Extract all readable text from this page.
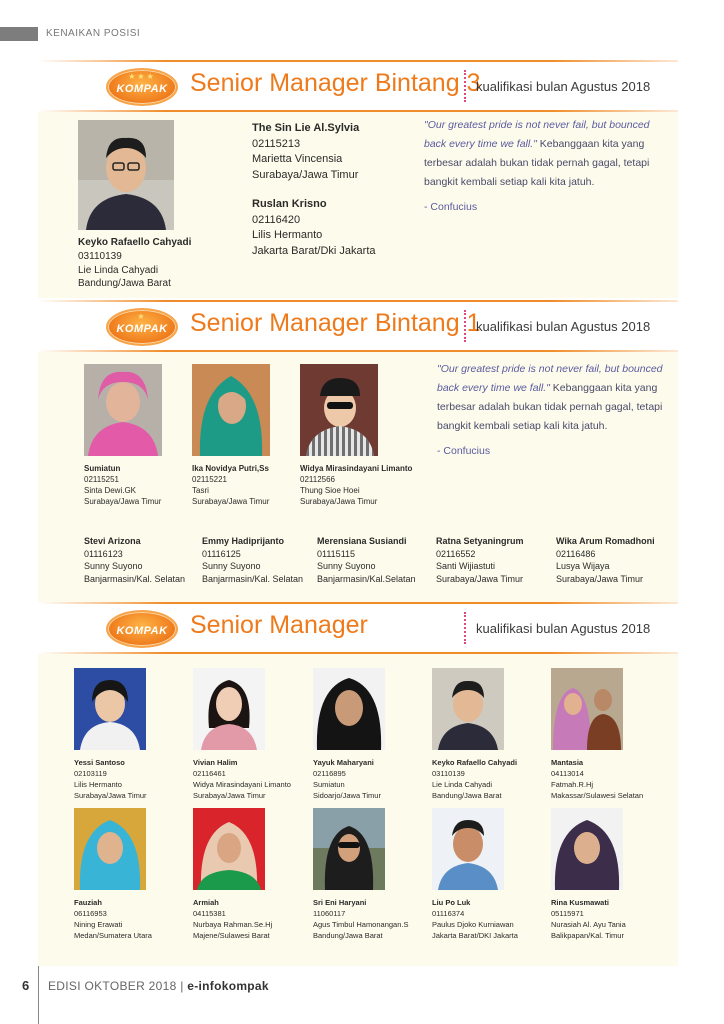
KENAIKAN POSISI
★★★
KOMPAK Senior Manager Bintang 3
kualifikasi bulan Agustus 2018
Keyko Rafaello Cahyadi
03110139
Lie Linda Cahyadi
Bandung/Jawa Barat
The Sin Lie Al.Sylvia
02115213
Marietta Vincensia
Surabaya/Jawa Timur
Ruslan Krisno
02116420
Lilis Hermanto
Jakarta Barat/Dki Jakarta
"Our greatest pride is not never fail, but bounced back every time we fall." Kebanggaan kita yang terbesar adalah bukan tidak pernah gagal, tetapi bangkit kembali setiap kali kita jatuh.
- Confucius
★
KOMPAK Senior Manager Bintang 1
kualifikasi bulan Agustus 2018
Sumiatun
02115251
Sinta Dewi.GK
Surabaya/Jawa Timur
Ika Novidya Putri,Ss
02115221
Tasri
Surabaya/Jawa Timur
Widya Mirasindayani Limanto
02112566
Thung Sioe Hoei
Surabaya/Jawa Timur
"Our greatest pride is not never fail, but bounced back every time we fall." Kebanggaan kita yang terbesar adalah bukan tidak pernah gagal, tetapi bangkit kembali setiap kali kita jatuh.
- Confucius
Stevi Arizona
01116123
Sunny Suyono
Banjarmasin/Kal. Selatan
Emmy Hadiprijanto
01116125
Sunny Suyono
Banjarmasin/Kal. Selatan
Merensiana Susiandi
01115115
Sunny Suyono
Banjarmasin/Kal.Selatan
Ratna Setyaningrum
02116552
Santi Wijiastuti
Surabaya/Jawa Timur
Wika Arum Romadhoni
02116486
Lusya Wijaya
Surabaya/Jawa Timur
KOMPAK Senior Manager	kualifikasi bulan Agustus 2018
Yessi Santoso
02103119
Lilis Hermanto
Surabaya/Jawa Timur
Vivian Halim
02116461
Widya Mirasindayani Limanto
Surabaya/Jawa Timur
Yayuk Maharyani
02116895
Sumiatun
Sidoarjo/Jawa Timur
Keyko Rafaello Cahyadi
03110139
Lie Linda Cahyadi
Bandung/Jawa Barat
Mantasia
04113014
Fatmah.R.Hj
Makassar/Sulawesi Selatan
Fauziah
06116953
Nining Erawati
Medan/Sumatera Utara
Armiah
04115381
Nurbaya Rahman.Se.Hj
Majene/Sulawesi Barat
Sri Eni Haryani
11060117
Agus Timbul Hamonangan.S
Bandung/Jawa Barat
Liu Po Luk
01116374
Paulus Djoko Kurniawan
Jakarta Barat/DKI Jakarta
Rina Kusmawati
05115971
Nurasiah Al. Ayu Tania
Balikpapan/Kal. Timur
6 EDISI OKTOBER 2018 | e-infokompak
